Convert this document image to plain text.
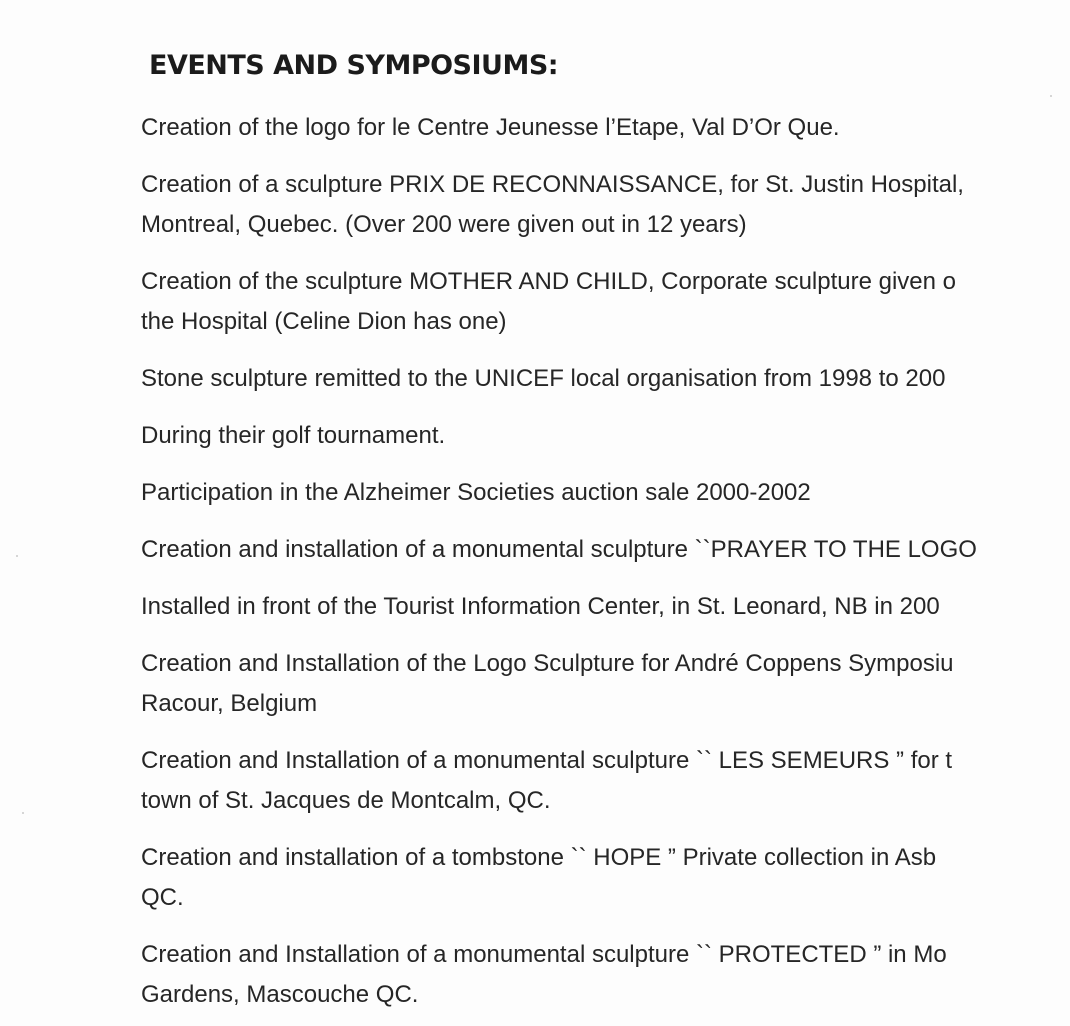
EVENTS AND SYMPOSIUMS:
Creation of the logo for le Centre Jeunesse l’Etape, Val D’Or Que.
Creation of a sculpture PRIX DE RECONNAISSANCE, for St. Justin Hospital,
Montreal, Quebec. (Over 200 were given out in 12 years)
Creation of the sculpture MOTHER AND CHILD, Corporate sculpture given o
the Hospital (Celine Dion has one)
Stone sculpture remitted to the UNICEF local organisation from 1998 to 200
During their golf tournament.
Participation in the Alzheimer Societies auction sale 2000-2002
Creation and installation of a monumental sculpture ``PRAYER TO THE LOGO
Installed in front of the Tourist Information Center, in St. Leonard, NB in 200
Creation and Installation of the Logo Sculpture for André Coppens Symposiu
Racour, Belgium
Creation and Installation of a monumental sculpture `` LES SEMEURS ” for t
town of St. Jacques de Montcalm, QC.
Creation and installation of a tombstone `` HOPE ” Private collection in Asb
QC.
Creation and Installation of a monumental sculpture `` PROTECTED ” in Mo
Gardens, Mascouche QC.
